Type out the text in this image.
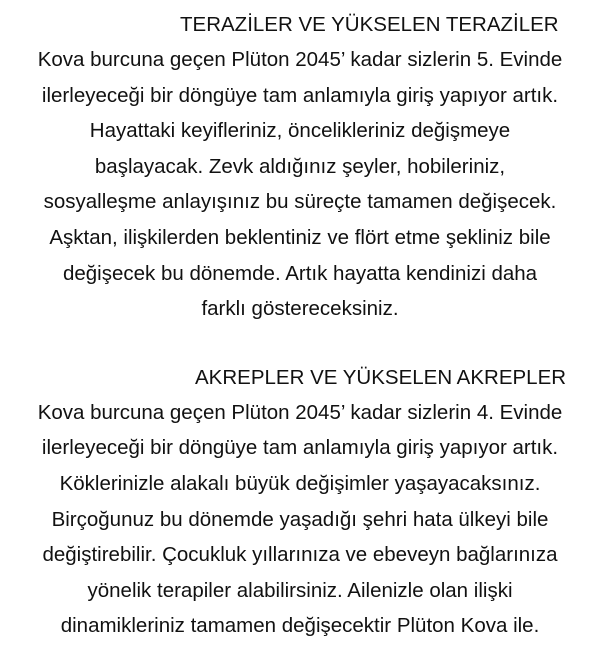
TERAZİLER VE YÜKSELEN TERAZİLER
Kova burcuna geçen Plüton 2045’ kadar sizlerin 5. Evinde
ilerleyeceği bir döngüye tam anlamıyla giriş yapıyor artık.
Hayattaki keyifleriniz, öncelikleriniz değişmeye
başlayacak. Zevk aldığınız şeyler, hobileriniz,
sosyalleşme anlayışınız bu süreçte tamamen değişecek.
Aşktan, ilişkilerden beklentiniz ve flört etme şekliniz bile
değişecek bu dönemde. Artık hayatta kendinizi daha
farklı göstereceksiniz.
AKREPLER VE YÜKSELEN AKREPLER
Kova burcuna geçen Plüton 2045’ kadar sizlerin 4. Evinde
ilerleyeceği bir döngüye tam anlamıyla giriş yapıyor artık.
Köklerinizle alakalı büyük değişimler yaşayacaksınız.
Birçoğunuz bu dönemde yaşadığı şehri hata ülkeyi bile
değiştirebilir. Çocukluk yıllarınıza ve ebeveyn bağlarınıza
yönelik terapiler alabilirsiniz. Ailenizle olan ilişki
dinamikleriniz tamamen değişecektir Plüton Kova ile.
